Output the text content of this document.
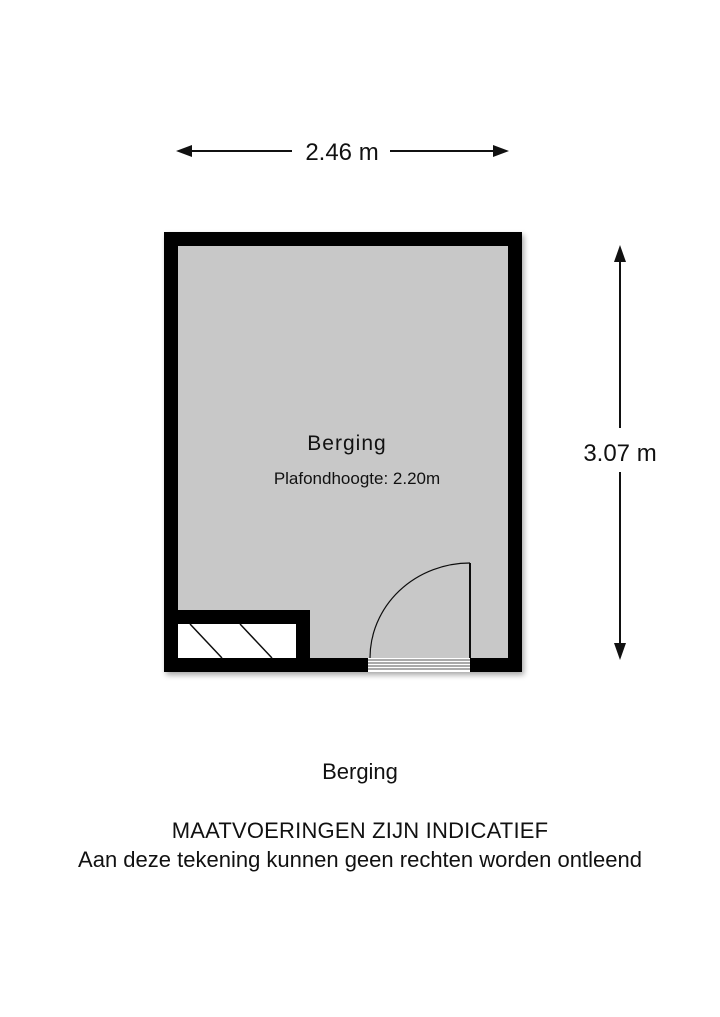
2.46 m
3.07 m
Berging
Plafondhoogte: 2.20m

Berging

MAATVOERINGEN ZIJN INDICATIEF

Aan deze tekening kunnen geen rechten worden ontleend
